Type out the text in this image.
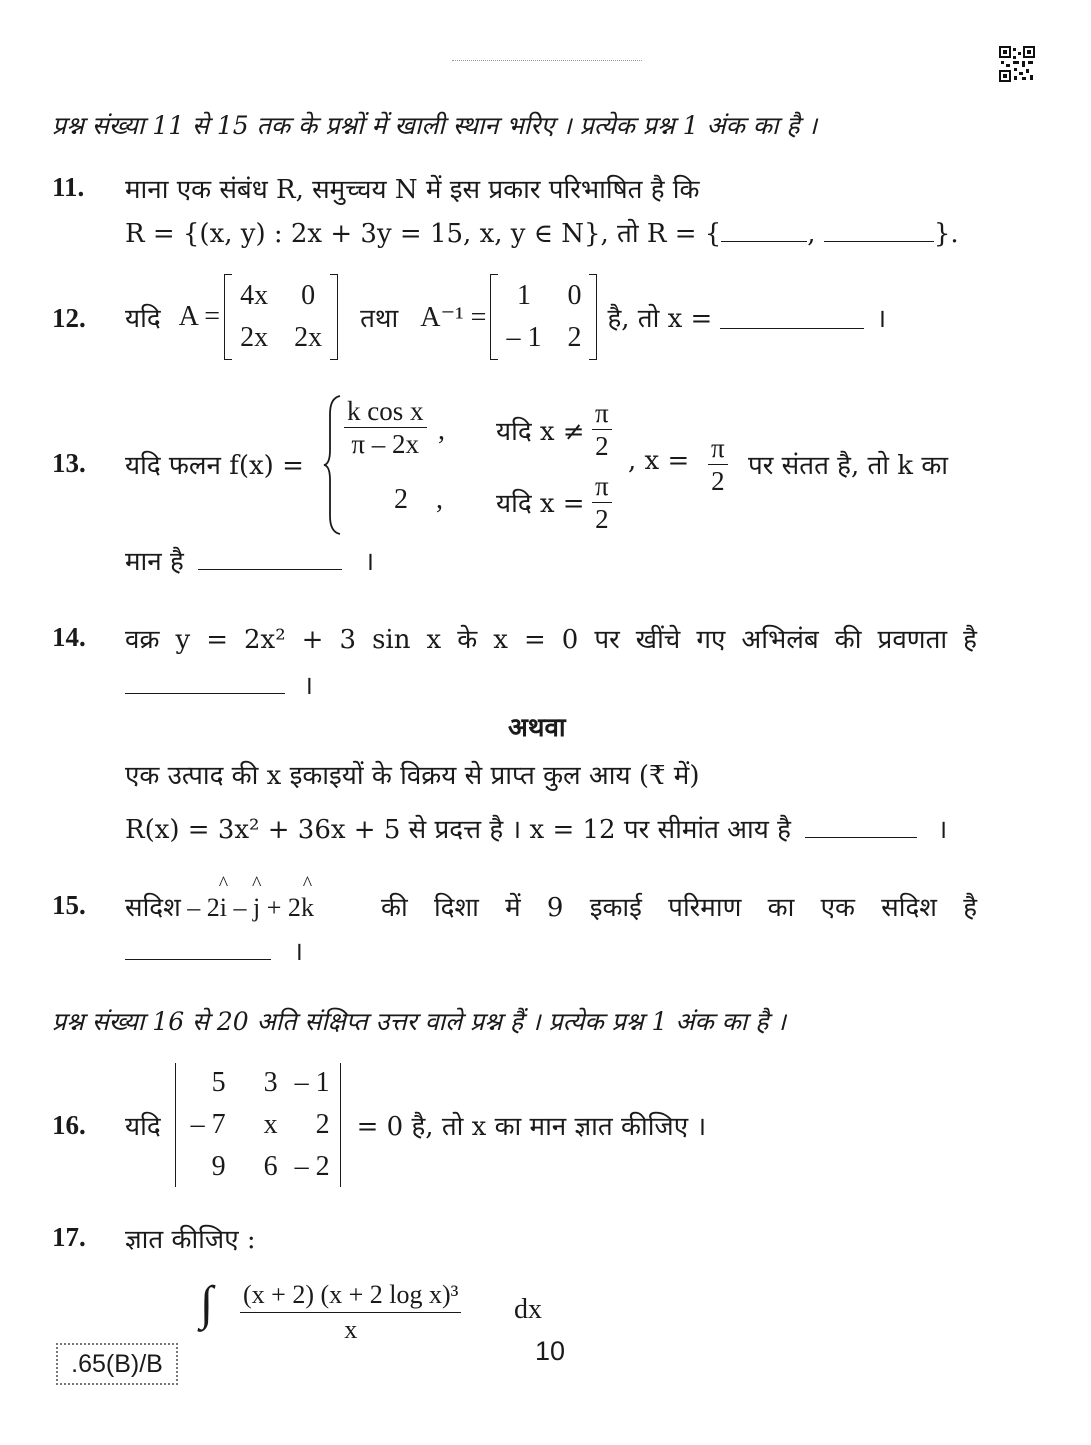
प्रश्न संख्या 11 से 15 तक के प्रश्नों में खाली स्थान भरिए । प्रत्येक प्रश्न 1 अंक का है ।
11. माना एक संबंध R, समुच्चय N में इस प्रकार परिभाषित है कि
R = {(x, y) : 2x + 3y = 15, x, y ∈ N}, तो R = {	,	}.
12. यदि A =
4x 0
2x 2x
तथा A⁻¹ =
1	0
– 1 2
है, तो x =	।
13. यदि फलन f(x) =
$\frac{\text{k cos x}}{\pi - 2x}$ , यदि $x \ne \frac{\pi}{2}$
2 , यदि $x = \frac{\pi}{2}$
, $x = \frac{\pi}{2}$ पर संतत है, तो k का
मान है	।
14. वक्र y = 2x² + 3 sin x के x = 0 पर खींचे गए अभिलंब की प्रवणता है
।
अथवा
एक उत्पाद की x इकाइयों के विक्रय से प्राप्त कुल आय (₹ में)
R(x) = 3x² + 36x + 5 से प्रदत्त है । x = 12 पर सीमांत आय है	।
15. सदिश – 2^ i – ^ j + 2^ k	की दिशा में 9 इकाई परिमाण का एक सदिश है
।
प्रश्न संख्या 16 से 20 अति संक्षिप्त उत्तर वाले प्रश्न हैं । प्रत्येक प्रश्न 1 अंक का है ।
16. यदि
5	3 – 1
– 7	x	2
9	6 – 2
= 0 है, तो x का मान ज्ञात कीजिए ।
17. ज्ञात कीजिए :
∫ $\frac{\text{(x + 2) (x + 2 log x)³}}{x}$ dx
.65(B)/B	10
